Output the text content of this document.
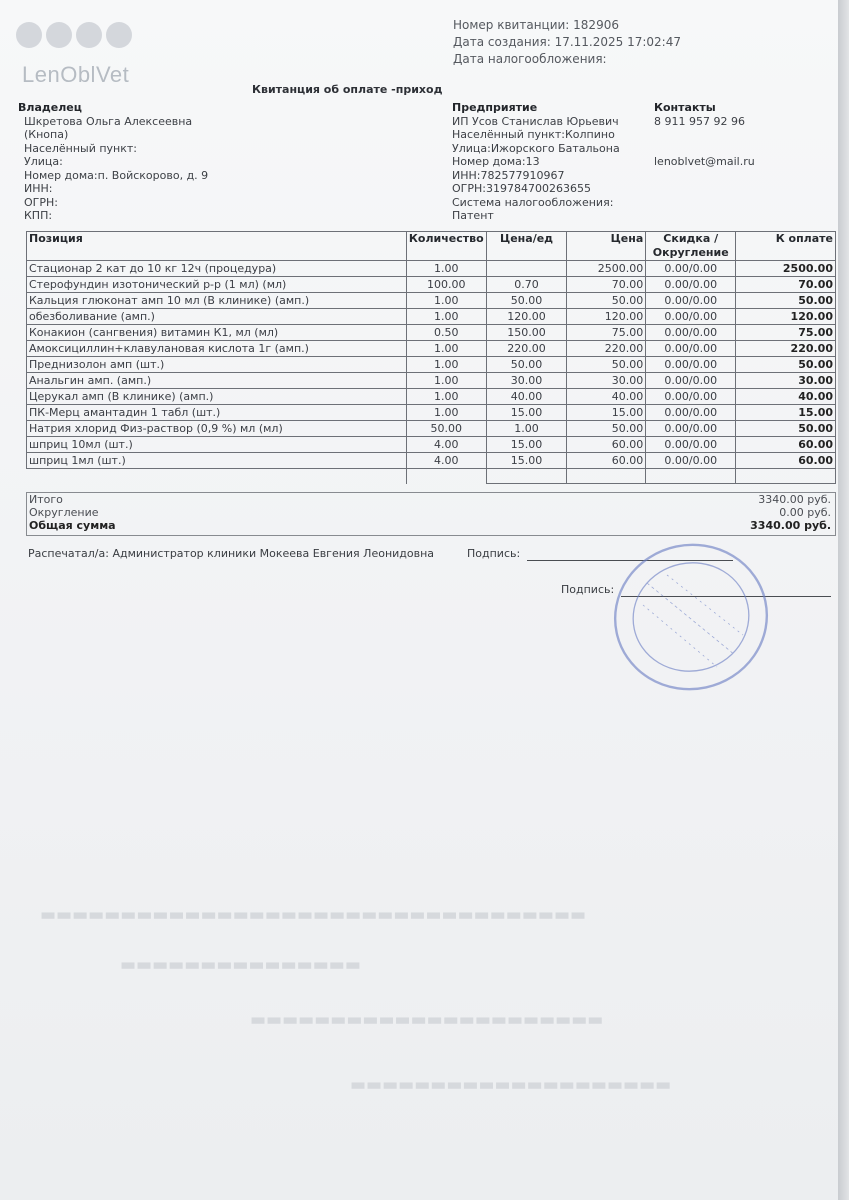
▬▬▬▬▬▬▬▬▬▬▬▬▬▬▬▬▬▬▬▬▬▬▬▬▬▬▬▬▬▬▬▬▬▬
▬▬▬▬▬▬▬▬▬▬▬▬▬▬▬
▬▬▬▬▬▬▬▬▬▬▬▬▬▬▬▬▬▬▬▬▬▬
▬▬▬▬▬▬▬▬▬▬▬▬▬▬▬▬▬▬▬▬
LenOblVet
Номер квитанции: 182906
Дата создания: 17.11.2025 17:02:47
Дата налогообложения:
Квитанция об оплате -приход
Владелец
Шкретова Ольга Алексеевна
(Кнопа)
Населённый пункт:
Улица:
Номер дома:п. Войскорово, д. 9
ИНН:
ОГРН:
КПП:
Предприятие
ИП Усов Станислав Юрьевич
Населённый пункт:Колпино
Улица:Ижорского Батальона
Номер дома:13
ИНН:782577910967
ОГРН:319784700263655
Система налогообложения:
Патент
Контакты
8 911 957 92 96
lenoblvet@mail.ru
Позиция	Количество	Цена/ед	Цена	Скидка / Округление	К оплате
Стационар 2 кат до 10 кг 12ч (процедура)	1.00		2500.00	0.00/0.00	2500.00
Стерофундин изотонический р-р (1 мл) (мл)	100.00	0.70	70.00	0.00/0.00	70.00
Кальция глюконат амп 10 мл (В клинике) (амп.)	1.00	50.00	50.00	0.00/0.00	50.00
обезболивание (амп.)	1.00	120.00	120.00	0.00/0.00	120.00
Конакион (сангвения) витамин К1, мл (мл)	0.50	150.00	75.00	0.00/0.00	75.00
Амоксициллин+клавулановая кислота 1г (амп.)	1.00	220.00	220.00	0.00/0.00	220.00
Преднизолон амп (шт.)	1.00	50.00	50.00	0.00/0.00	50.00
Анальгин амп. (амп.)	1.00	30.00	30.00	0.00/0.00	30.00
Церукал амп (В клинике) (амп.)	1.00	40.00	40.00	0.00/0.00	40.00
ПК-Мерц амантадин 1 табл (шт.)	1.00	15.00	15.00	0.00/0.00	15.00
Натрия хлорид Физ-раствор (0,9 %) мл (мл)	50.00	1.00	50.00	0.00/0.00	50.00
шприц 10мл (шт.)	4.00	15.00	60.00	0.00/0.00	60.00
шприц 1мл (шт.)	4.00	15.00	60.00	0.00/0.00	60.00

Итого	3340.00 руб.
Округление	0.00 руб.
Общая сумма	3340.00 руб.
Распечатал/а: Администратор клиники Мокеева Евгения Леонидовна	Подпись:
Подпись:
